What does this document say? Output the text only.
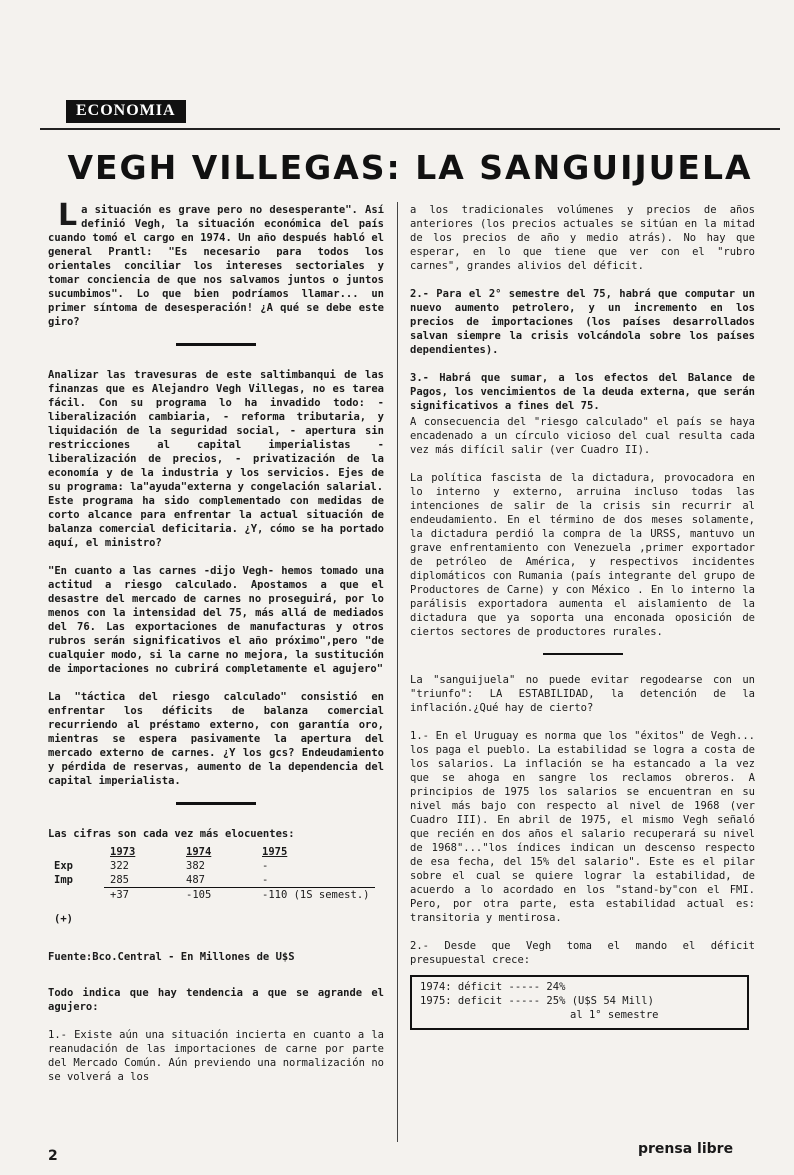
ECONOMIA
VEGH VILLEGAS: LA SANGUIJUELA

L a situación es grave pero no desesperante". Así definió Vegh, la situación económica del país cuando tomó el cargo en 1974. Un año después habló el general Prantl: "Es necesario para todos los orientales conciliar los intereses sectoriales y tomar conciencia de que nos salvamos juntos o juntos sucumbimos". Lo que bien podríamos llamar... un primer síntoma de desesperación! ¿A qué se debe este giro?

Analizar las travesuras de este saltimbanqui de las finanzas que es Alejandro Vegh Villegas, no es tarea fácil. Con su programa lo ha invadido todo: - liberalización cambiaria, - reforma tributaria, y liquidación de la seguridad social, - apertura sin restricciones al capital imperialistas - liberalización de precios, - privatización de la economía y de la industria y los servicios. Ejes de su programa: la"ayuda"externa y congelación salarial.

Este programa ha sido complementado con medidas de corto alcance para enfrentar la actual situación de balanza comercial deficitaria. ¿Y, cómo se ha portado aquí, el ministro?

"En cuanto a las carnes -dijo Vegh- hemos tomado una actitud a riesgo calculado. Apostamos a que el desastre del mercado de carnes no proseguirá, por lo menos con la intensidad del 75, más allá de mediados del 76. Las exportaciones de manufacturas y otros rubros serán significativos el año próximo",pero "de cualquier modo, si la carne no mejora, la sustitución de importaciones no cubrirá completamente el agujero"

La "táctica del riesgo calculado" consistió en enfrentar los déficits de balanza comercial recurriendo al préstamo externo, con garantía oro, mientras se espera pasivamente la apertura del mercado externo de carnes. ¿Y los gcs? Endeudamiento y pérdida de reservas, aumento de la dependencia del capital imperialista.

Las cifras son cada vez más elocuentes:

	1973	1974	1975
Exp	322	382	-
Imp	285	487	-
	+37	-105	-110 (1S semest.)
(+)			

Fuente:Bco.Central - En Millones de U$S

Todo indica que hay tendencia a que se agrande el agujero:

1.- Existe aún una situación incierta en cuanto a la reanudación de las importaciones de carne por parte del Mercado Común. Aún previendo una normalización no se volverá a los

a los tradicionales volúmenes y precios de años anteriores (los precios actuales se sitúan en la mitad de los precios de año y medio atrás). No hay que esperar, en lo que tiene que ver con el "rubro carnes", grandes alivios del déficit.

2.- Para el 2° semestre del 75, habrá que computar un nuevo aumento petrolero, y un incremento en los precios de importaciones (los países desarrollados salvan siempre la crisis volcándola sobre los países dependientes).

3.- Habrá que sumar, a los efectos del Balance de Pagos, los vencimientos de la deuda externa, que serán significativos a fines del 75.

A consecuencia del "riesgo calculado" el país se haya encadenado a un círculo vicioso del cual resulta cada vez más difícil salir (ver Cuadro II).

La política fascista de la dictadura, provocadora en lo interno y externo, arruina incluso todas las intenciones de salir de la crisis sin recurrir al endeudamiento. En el término de dos meses solamente, la dictadura perdió la compra de la URSS, mantuvo un grave enfrentamiento con Venezuela ,primer exportador de petróleo de América, y respectivos incidentes diplomáticos con Rumania (país integrante del grupo de Productores de Carne) y con México . En lo interno la parálisis exportadora aumenta el aislamiento de la dictadura que ya soporta una enconada oposición de ciertos sectores de productores rurales.

La "sanguijuela" no puede evitar regodearse con un "triunfo": LA ESTABILIDAD, la detención de la inflación.¿Qué hay de cierto?

1.- En el Uruguay es norma que los "éxitos" de Vegh... los paga el pueblo. La estabilidad se logra a costa de los salarios. La inflación se ha estancado a la vez que se ahoga en sangre los reclamos obreros. A principios de 1975 los salarios se encuentran en su nivel más bajo con respecto al nivel de 1968 (ver Cuadro III). En abril de 1975, el mismo Vegh señaló que recién en dos años el salario recuperará su nivel de 1968"..."los índices indican un descenso respecto de esa fecha, del 15% del salario". Este es el pilar sobre el cual se quiere lograr la estabilidad, de acuerdo a lo acordado en los "stand-by"con el FMI. Pero, por otra parte, esta estabilidad actual es: transitoria y mentirosa.

2.- Desde que Vegh toma el mando el déficit presupuestal crece:

1974: déficit ----- 24%
1975: deficit ----- 25% (U$S 54 Mill)
al 1° semestre
2	prensa libre
